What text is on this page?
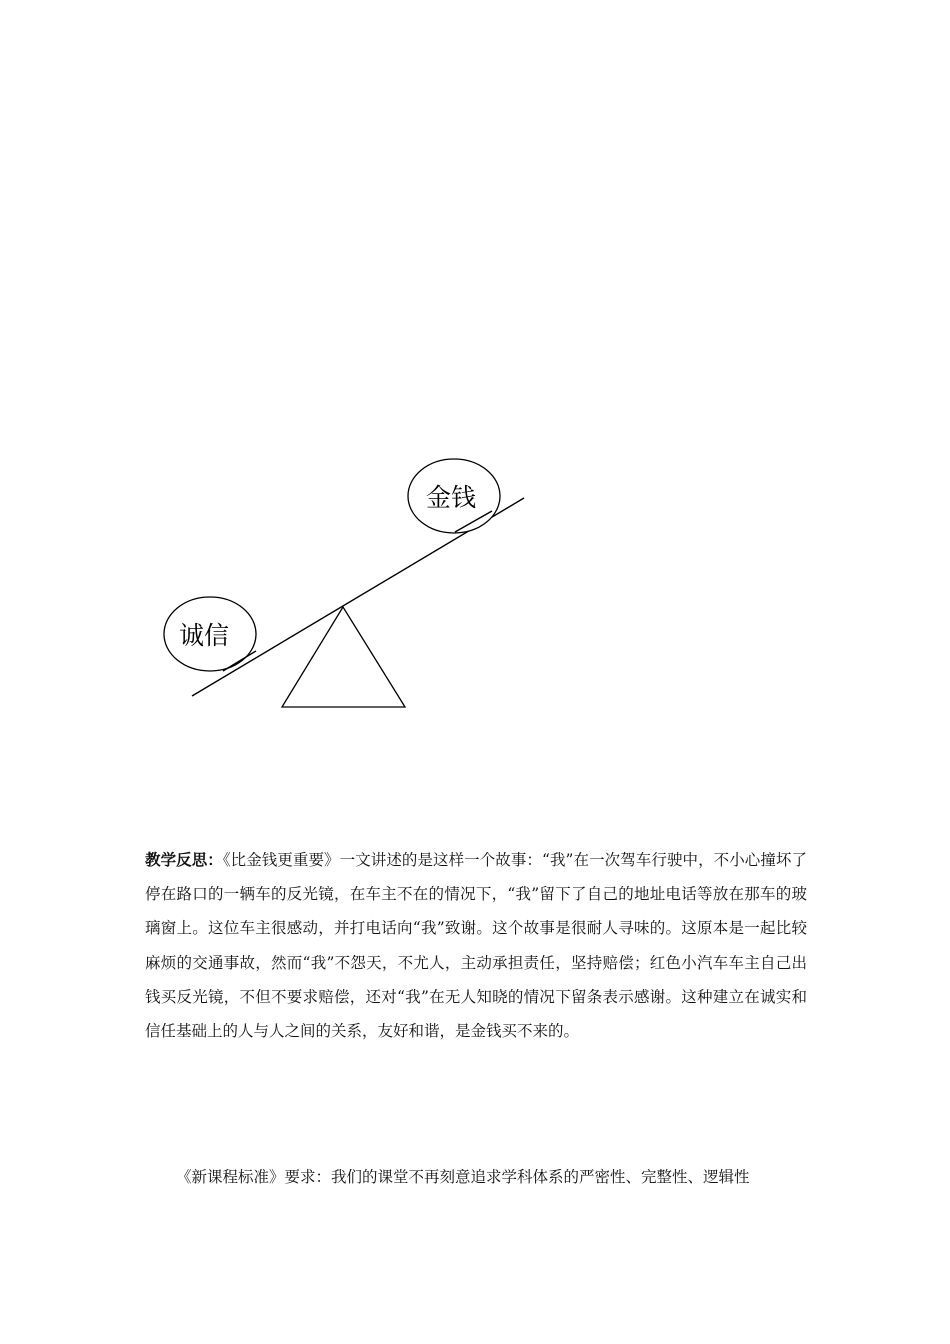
金钱
诚信

教学反思：《比金钱更重要》一文讲述的是这样一个故事：“我”在一次驾车行驶中，不小心撞坏了停在路口的一辆车的反光镜，在车主不在的情况下，“我”留下了自己的地址电话等放在那车的玻璃窗上。这位车主很感动，并打电话向“我”致谢。这个故事是很耐人寻味的。这原本是一起比较麻烦的交通事故，然而“我”不怨天，不尤人，主动承担责任，坚持赔偿；红色小汽车车主自己出钱买反光镜，不但不要求赔偿，还对“我”在无人知晓的情况下留条表示感谢。这种建立在诚实和信任基础上的人与人之间的关系，友好和谐，是金钱买不来的。

《新课程标准》要求：我们的课堂不再刻意追求学科体系的严密性、完整性、逻辑性
